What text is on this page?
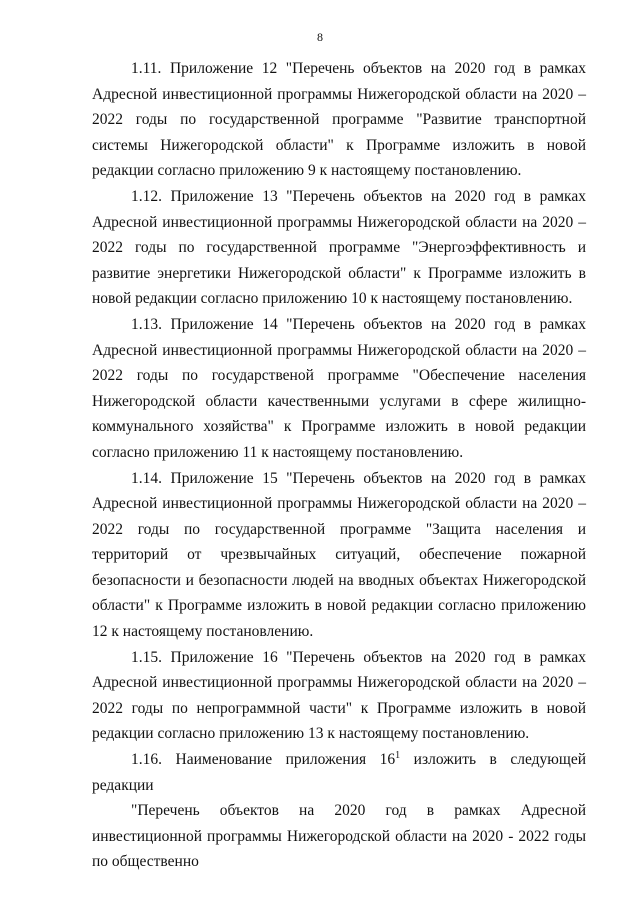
8

1.11. Приложение 12 "Перечень объектов на 2020 год в рамках Адресной инвестиционной программы Нижегородской области на 2020 – 2022 годы по государственной программе "Развитие транспортной системы Нижегородской области" к Программе изложить в новой редакции согласно приложению 9 к настоящему постановлению.

1.12. Приложение 13 "Перечень объектов на 2020 год в рамках Адресной инвестиционной программы Нижегородской области на 2020 – 2022 годы по государственной программе "Энергоэффективность и развитие энергетики Нижегородской области" к Программе изложить в новой редакции согласно приложению 10 к настоящему постановлению.

1.13. Приложение 14 "Перечень объектов на 2020 год в рамках Адресной инвестиционной программы Нижегородской области на 2020 – 2022 годы по государственой программе "Обеспечение населения Нижегородской области качественными услугами в сфере жилищно-коммунального хозяйства" к Программе изложить в новой редакции согласно приложению 11 к настоящему постановлению.

1.14. Приложение 15 "Перечень объектов на 2020 год в рамках Адресной инвестиционной программы Нижегородской области на 2020 – 2022 годы по государственной программе "Защита населения и территорий от чрезвычайных ситуаций, обеспечение пожарной безопасности и безопасности людей на вводных объектах Нижегородской области" к Программе изложить в новой редакции согласно приложению 12 к настоящему постановлению.

1.15. Приложение 16 "Перечень объектов на 2020 год в рамках Адресной инвестиционной программы Нижегородской области на 2020 – 2022 годы по непрограммной части" к Программе изложить в новой редакции согласно приложению 13 к настоящему постановлению.

1.16. Наименование приложения $16^1$ изложить в следующей редакции

"Перечень объектов на 2020 год в рамках Адресной инвестиционной программы Нижегородской области на 2020 - 2022 годы по общественно
